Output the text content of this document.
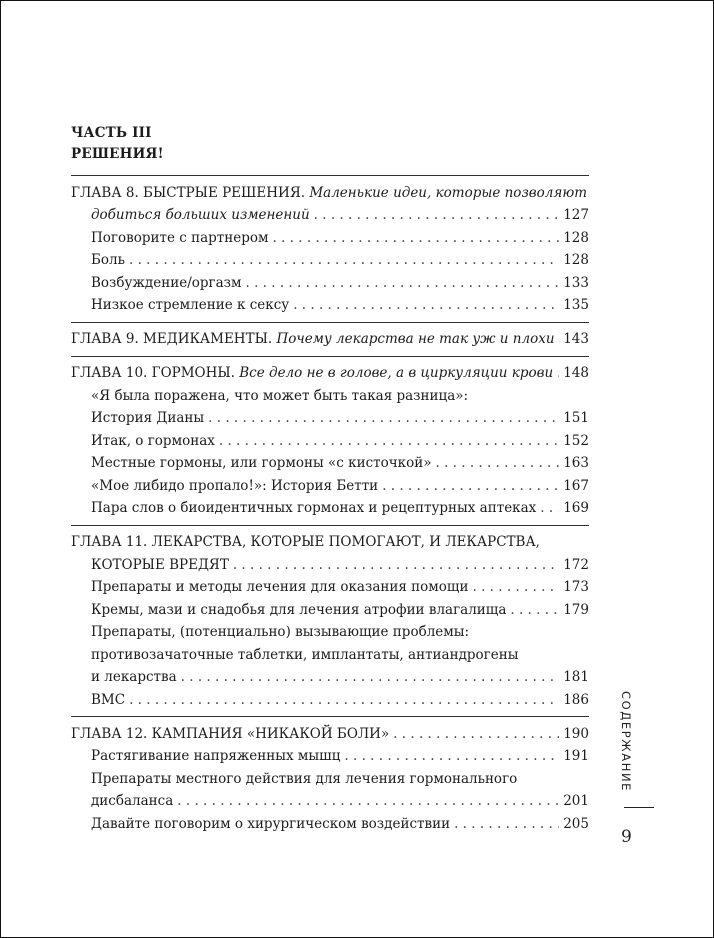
ЧАСТЬ III
РЕШЕНИЯ!
ГЛАВА 8. БЫСТРЫЕ РЕШЕНИЯ. Маленькие идеи, которые позволяют
добиться больших изменений . . .	127
Поговорите с партнером . . .	128
Боль . . .	128
Возбуждение/оргазм . . .	133
Низкое стремление к сексу . . .	135
ГЛАВА 9. МЕДИКАМЕНТЫ. Почему лекарства не так уж и плохи . . . 143
ГЛАВА 10. ГОРМОНЫ. Все дело не в голове, а в циркуляции крови . . . 148
«Я была поражена, что может быть такая разница»:
История Дианы . . .	151
Итак, о гормонах . . .	152
Местные гормоны, или гормоны «с кисточкой» . . .	163
«Мое либидо пропало!»: История Бетти . . .	167
Пара слов о биоидентичных гормонах и рецептурных аптеках . . . 169
ГЛАВА 11. ЛЕКАРСТВА, КОТОРЫЕ ПОМОГАЮТ, И ЛЕКАРСТВА,
КОТОРЫЕ ВРЕДЯТ . . .	172
Препараты и методы лечения для оказания помощи . . .	173
Кремы, мази и снадобья для лечения атрофии влагалища . . .	179
Препараты, (потенциально) вызывающие проблемы:
противозачаточные таблетки, имплантаты, антиандрогены
и лекарства . . .	181
ВМС . . .	186
ГЛАВА 12. КАМПАНИЯ «НИКАКОЙ БОЛИ» . . .	190
Растягивание напряженных мышц . . .	191
Препараты местного действия для лечения гормонального
дисбаланса . . .	201
Давайте поговорим о хирургическом воздействии . . .	205
СОДЕРЖАНИЕ
9
